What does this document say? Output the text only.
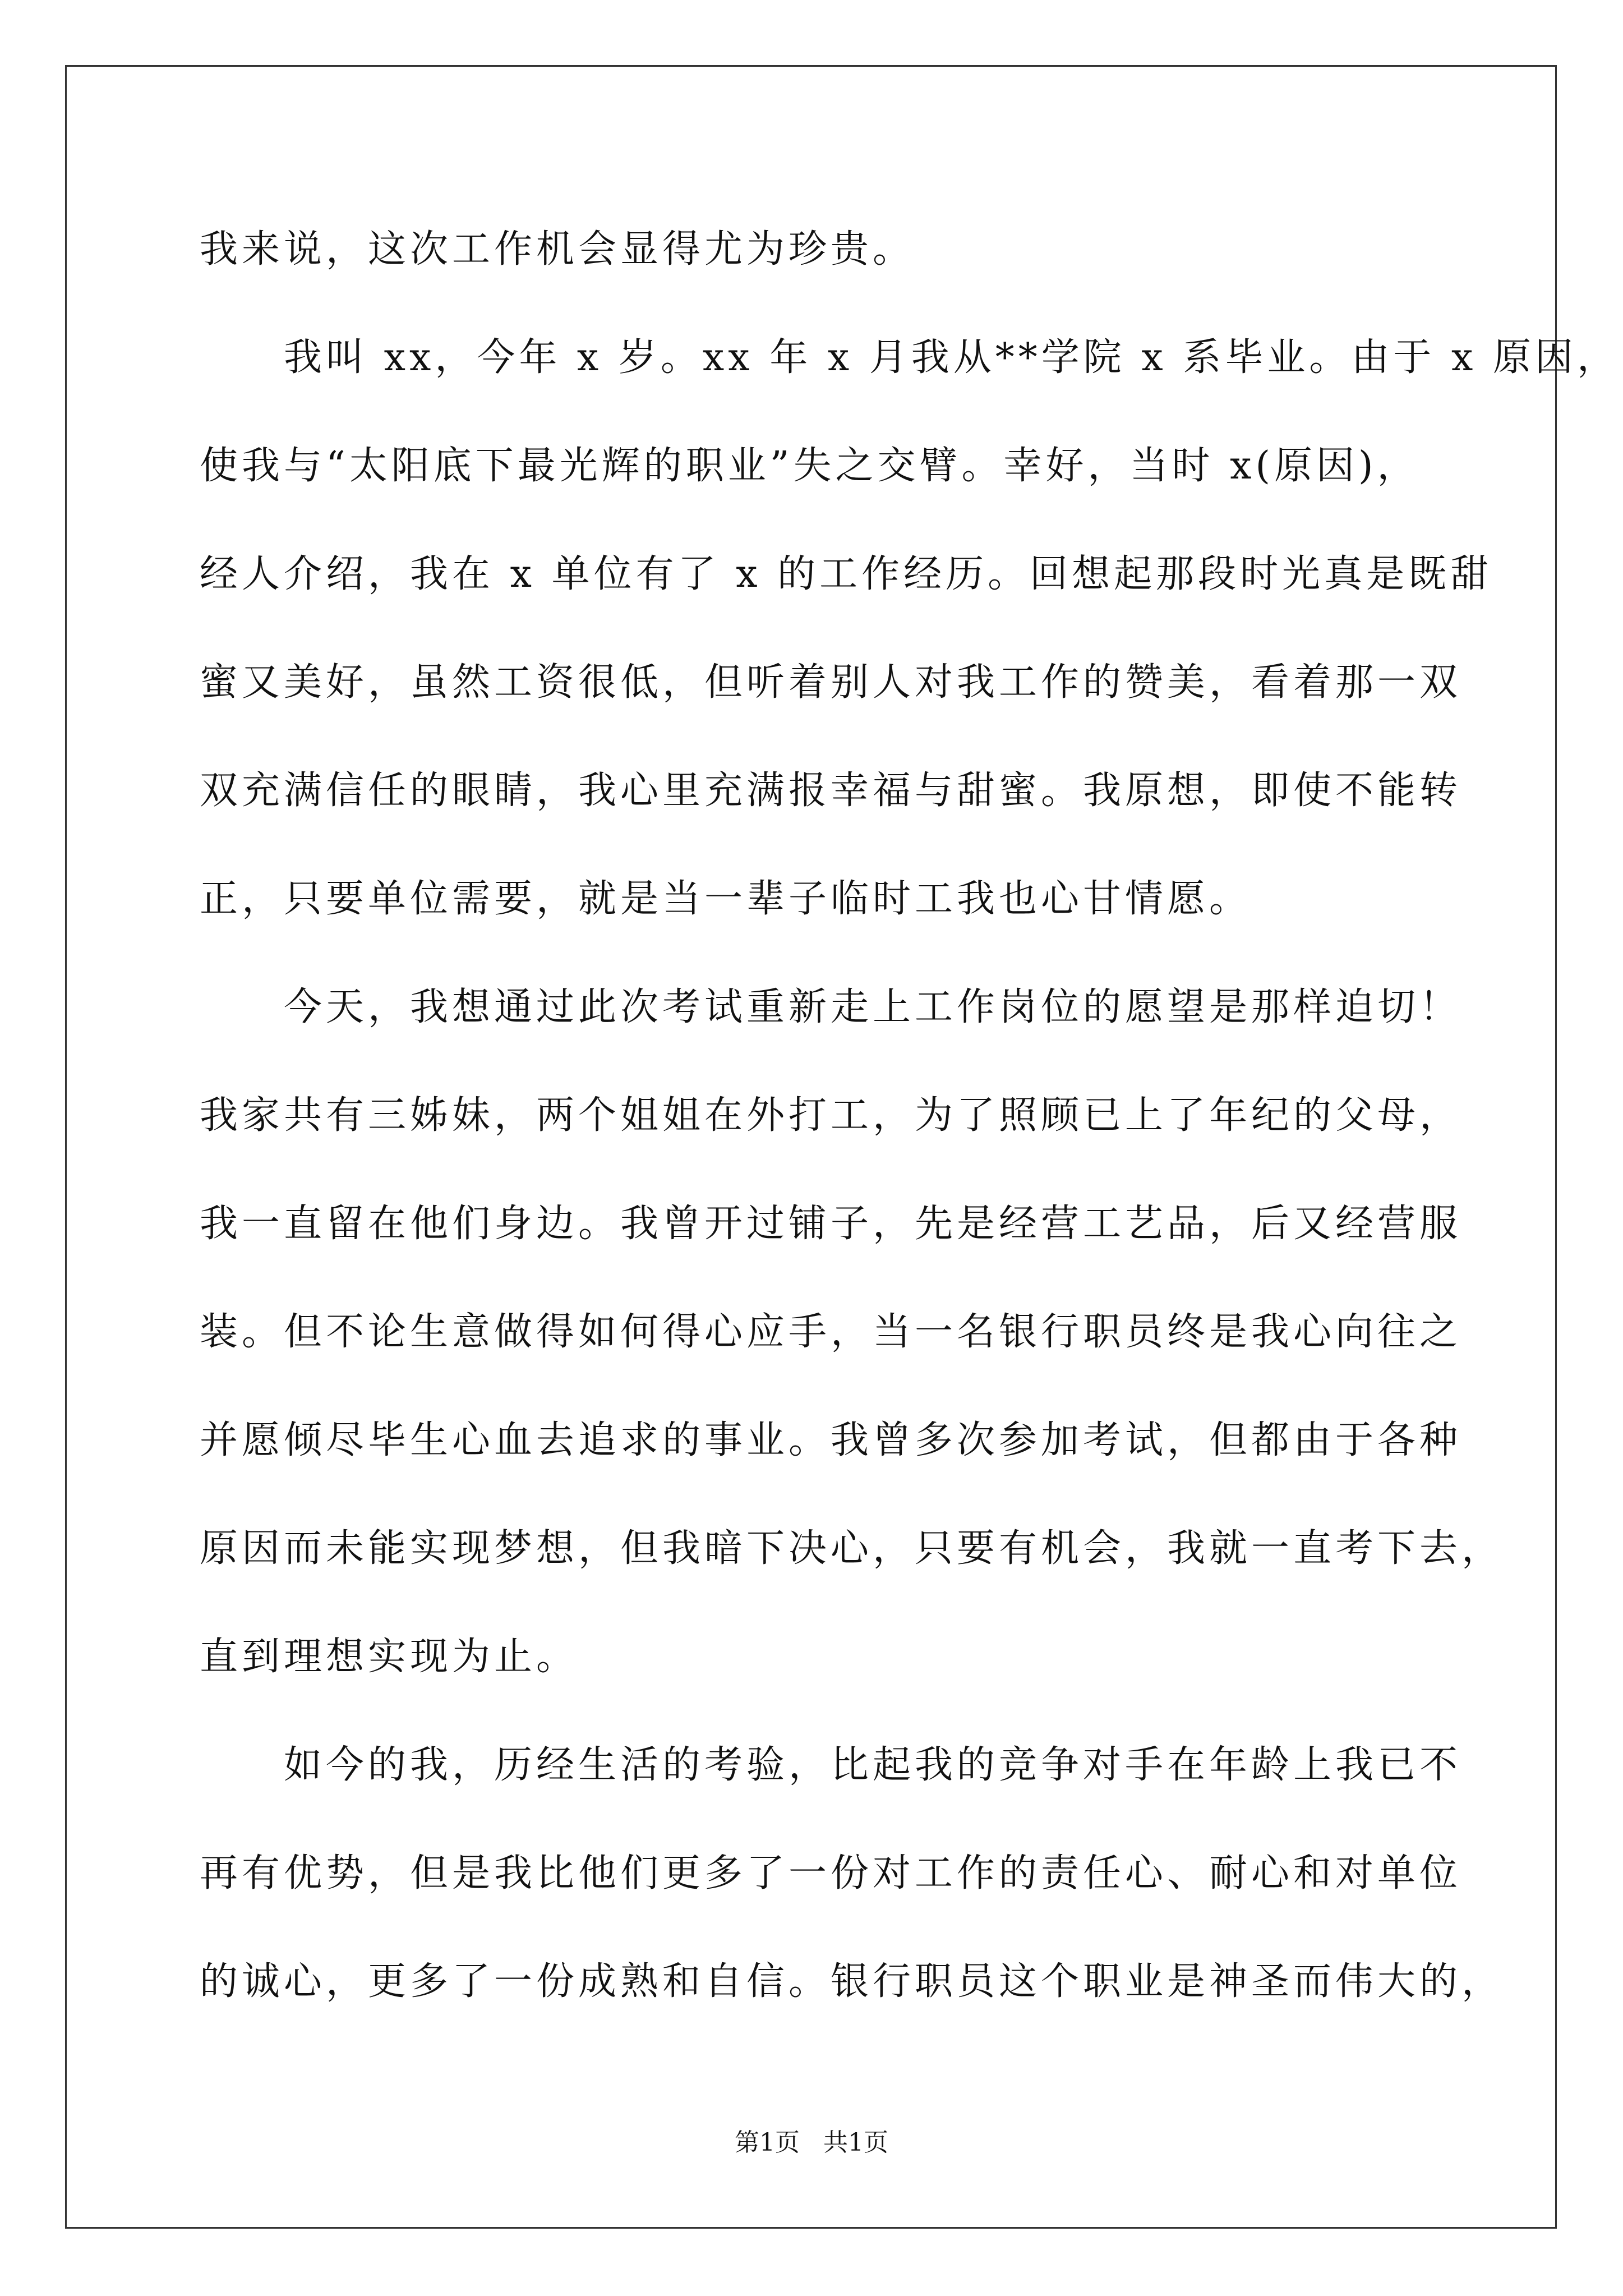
我来说，这次工作机会显得尤为珍贵。
　　我叫 xx，今年 x 岁。xx 年 x 月我从**学院 x 系毕业。由于 x 原因，
使我与“太阳底下最光辉的职业”失之交臂。幸好，当时 x(原因)，
经人介绍，我在 x 单位有了 x 的工作经历。回想起那段时光真是既甜
蜜又美好，虽然工资很低，但听着别人对我工作的赞美，看着那一双
双充满信任的眼睛，我心里充满报幸福与甜蜜。我原想，即使不能转
正，只要单位需要，就是当一辈子临时工我也心甘情愿。
　　今天，我想通过此次考试重新走上工作岗位的愿望是那样迫切！
我家共有三姊妹，两个姐姐在外打工，为了照顾已上了年纪的父母，
我一直留在他们身边。我曾开过铺子，先是经营工艺品，后又经营服
装。但不论生意做得如何得心应手，当一名银行职员终是我心向往之
并愿倾尽毕生心血去追求的事业。我曾多次参加考试，但都由于各种
原因而未能实现梦想，但我暗下决心，只要有机会，我就一直考下去，
直到理想实现为止。
　　如今的我，历经生活的考验，比起我的竞争对手在年龄上我已不
再有优势，但是我比他们更多了一份对工作的责任心、耐心和对单位
的诚心，更多了一份成熟和自信。银行职员这个职业是神圣而伟大的，
第1页   共1页
